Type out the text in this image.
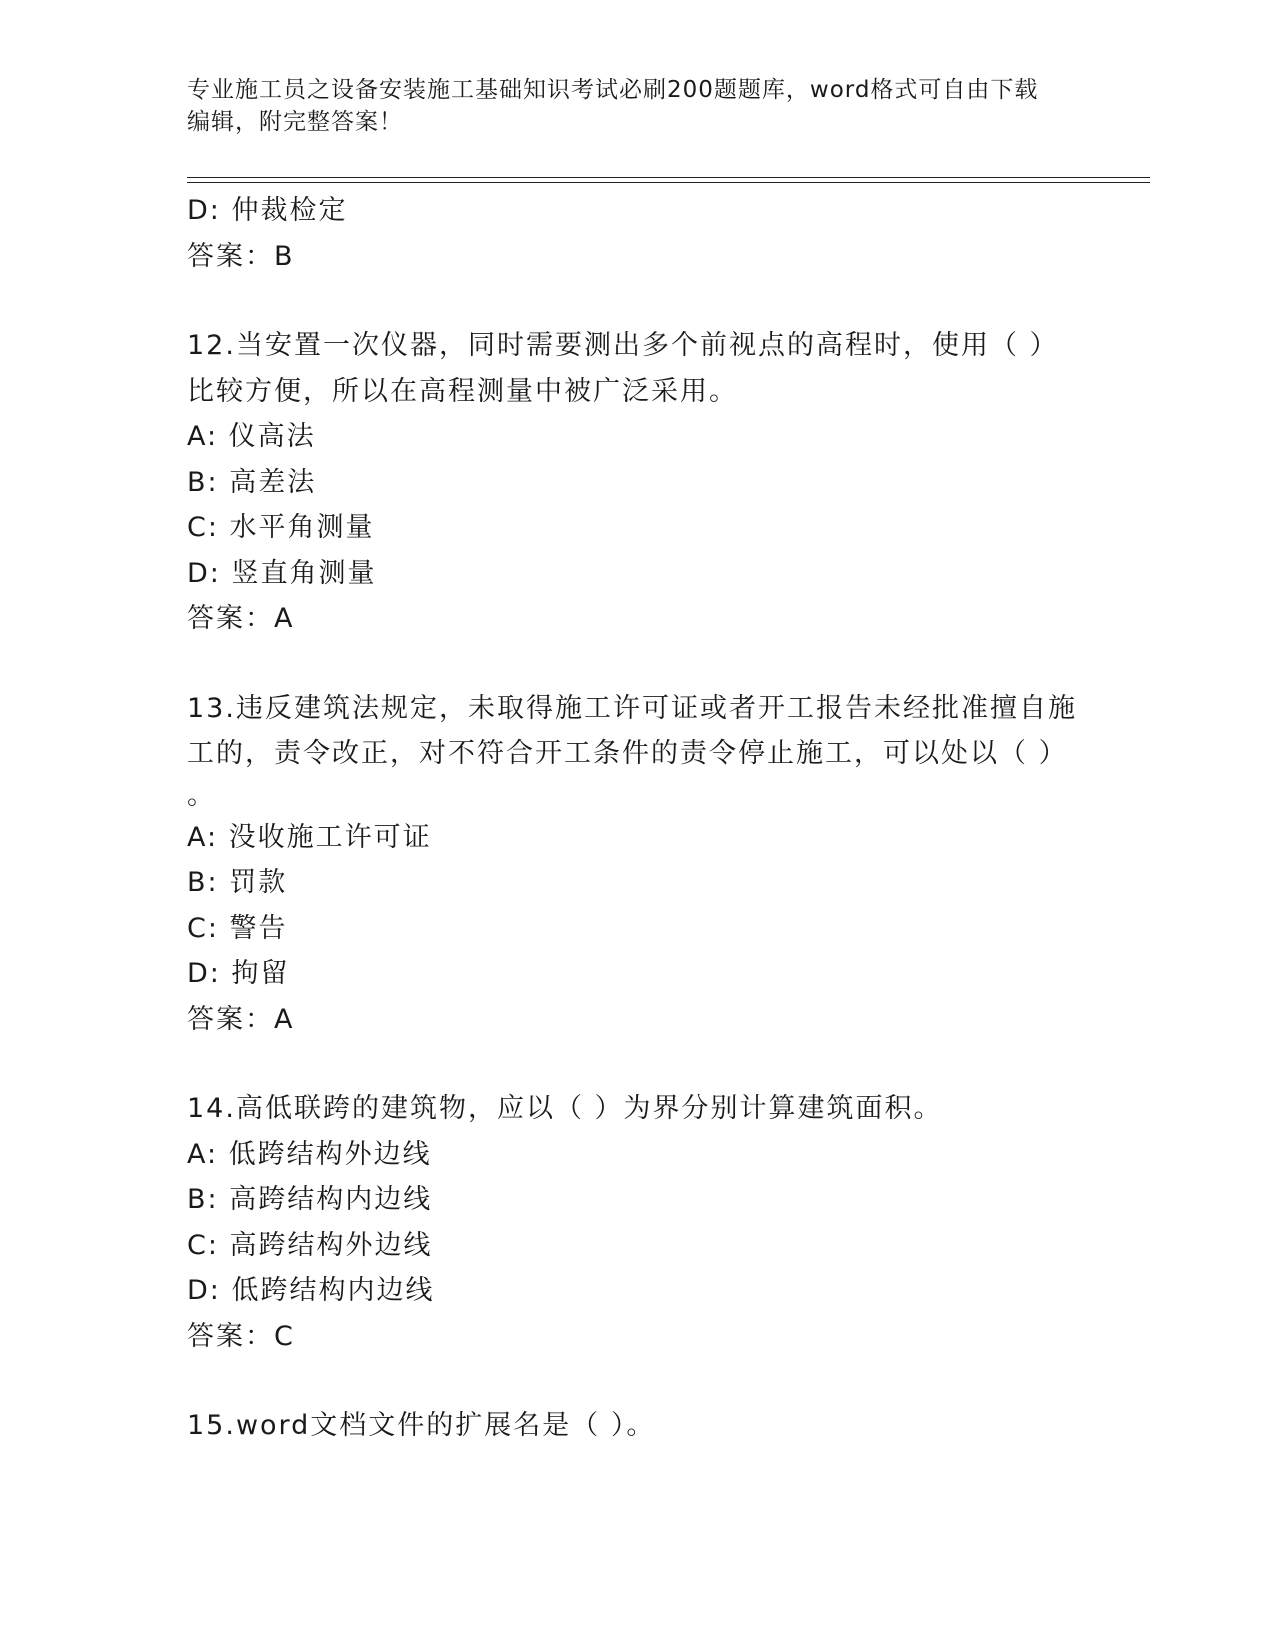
专业施工员之设备安装施工基础知识考试必刷200题题库，word格式可自由下载
编辑，附完整答案！
D: 仲裁检定
答案：B
12.当安置一次仪器，同时需要测出多个前视点的高程时，使用（ ）
比较方便，所以在高程测量中被广泛采用。
A: 仪高法
B: 高差法
C: 水平角测量
D: 竖直角测量
答案：A
13.违反建筑法规定，未取得施工许可证或者开工报告未经批准擅自施
工的，责令改正，对不符合开工条件的责令停止施工，可以处以（ ）
。
A: 没收施工许可证
B: 罚款
C: 警告
D: 拘留
答案：A
14.高低联跨的建筑物，应以（ ）为界分别计算建筑面积。
A: 低跨结构外边线
B: 高跨结构内边线
C: 高跨结构外边线
D: 低跨结构内边线
答案：C
15.word文档文件的扩展名是（ ）。
